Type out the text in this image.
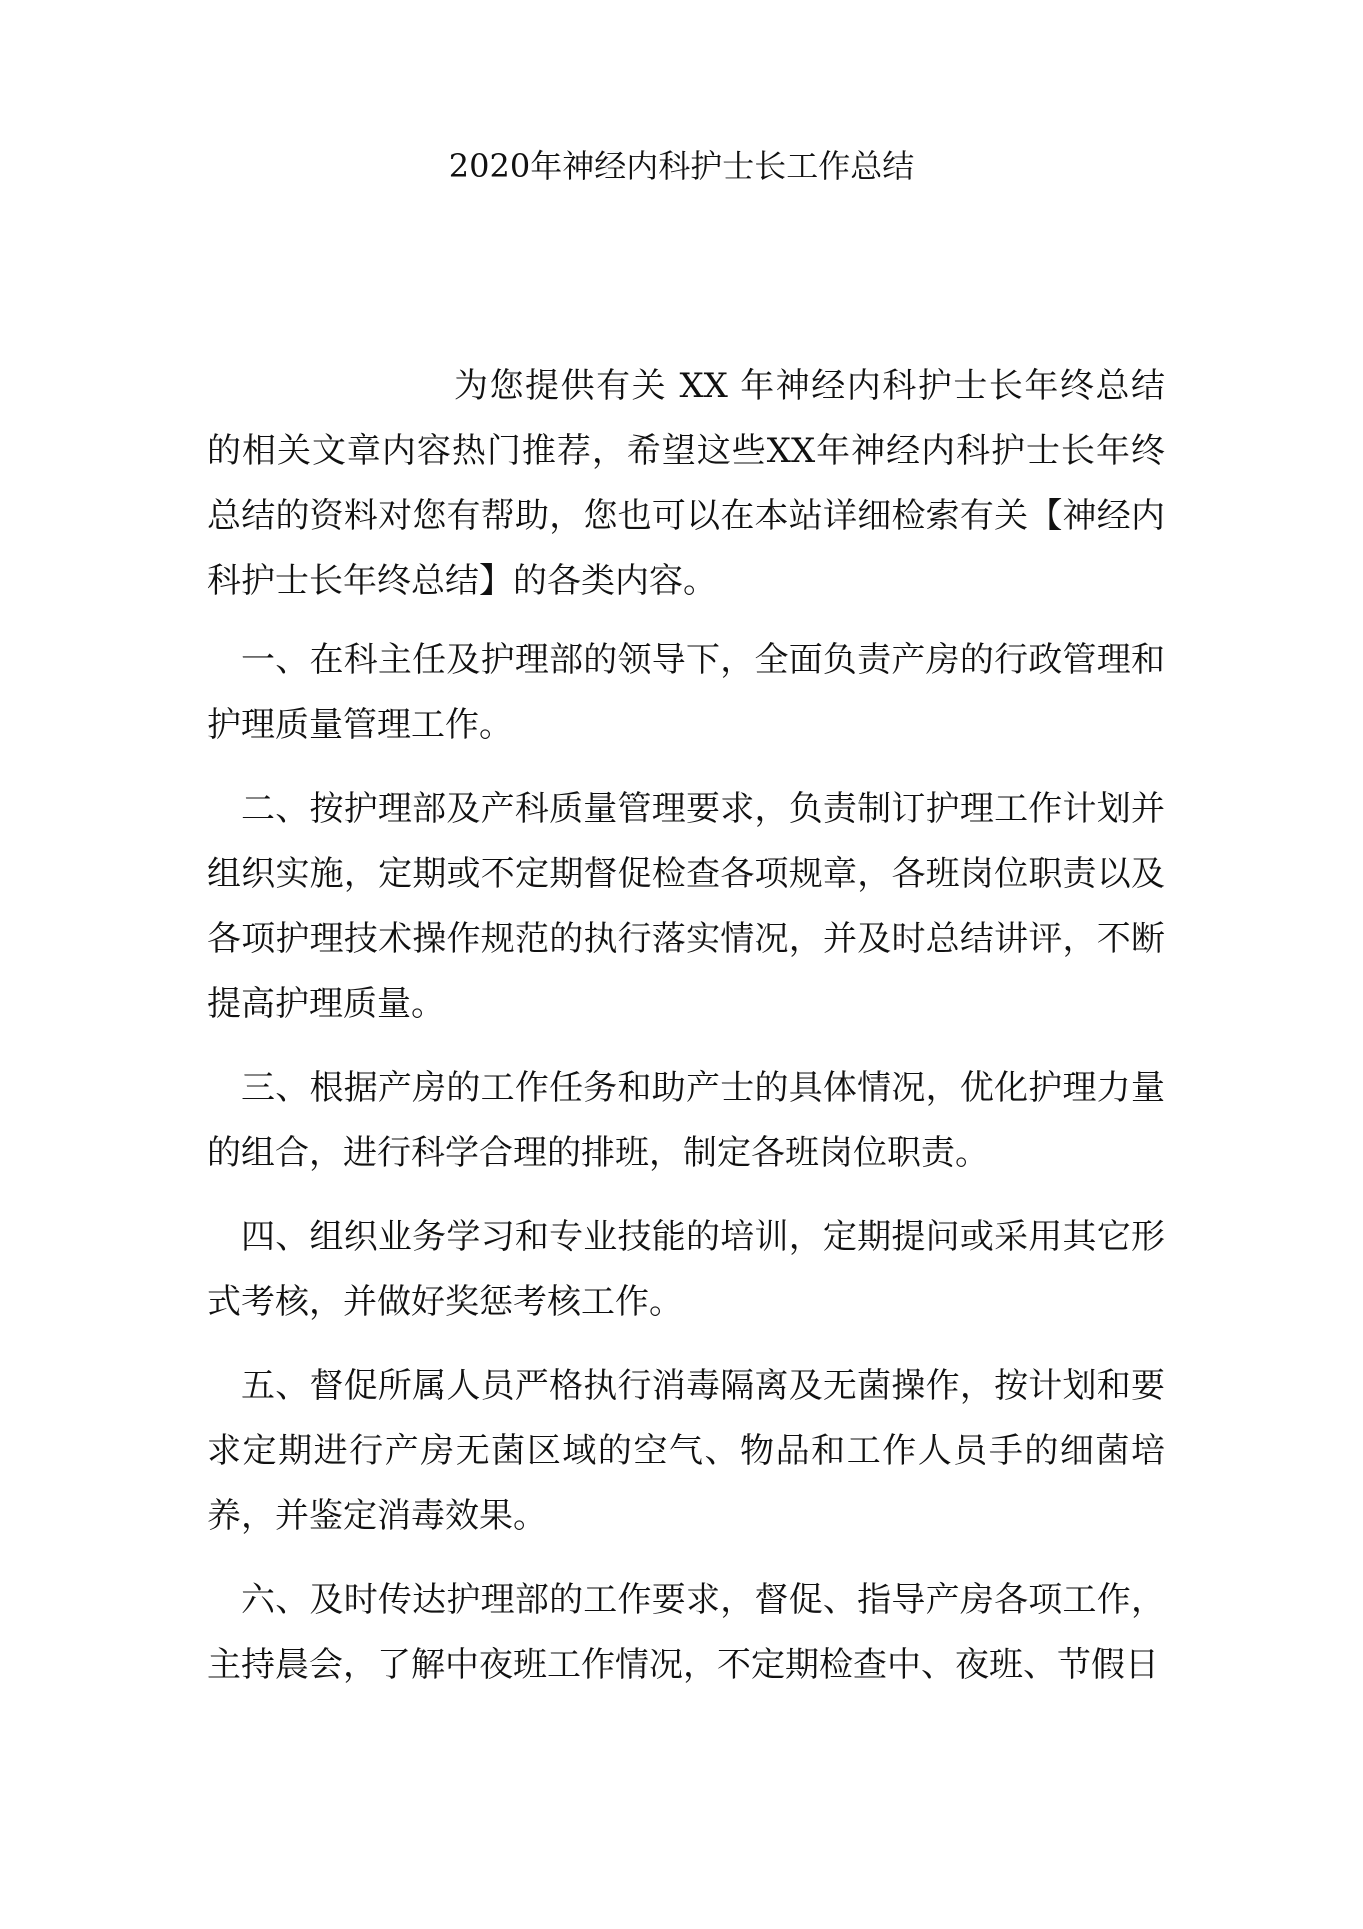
2020年神经内科护士长工作总结

为您提供有关 XX 年神经内科护士长年终总结的相关文章内容热门推荐，希望这些XX年神经内科护士长年终总结的资料对您有帮助，您也可以在本站详细检索有关【神经内科护士长年终总结】的各类内容。

一、在科主任及护理部的领导下，全面负责产房的行政管理和护理质量管理工作。

二、按护理部及产科质量管理要求，负责制订护理工作计划并组织实施，定期或不定期督促检查各项规章，各班岗位职责以及各项护理技术操作规范的执行落实情况，并及时总结讲评，不断提高护理质量。

三、根据产房的工作任务和助产士的具体情况，优化护理力量的组合，进行科学合理的排班，制定各班岗位职责。

四、组织业务学习和专业技能的培训，定期提问或采用其它形式考核，并做好奖惩考核工作。

五、督促所属人员严格执行消毒隔离及无菌操作，按计划和要求定期进行产房无菌区域的空气、物品和工作人员手的细菌培养，并鉴定消毒效果。

六、及时传达护理部的工作要求，督促、指导产房各项工作，主持晨会，了解中夜班工作情况，不定期检查中、夜班、节假日
